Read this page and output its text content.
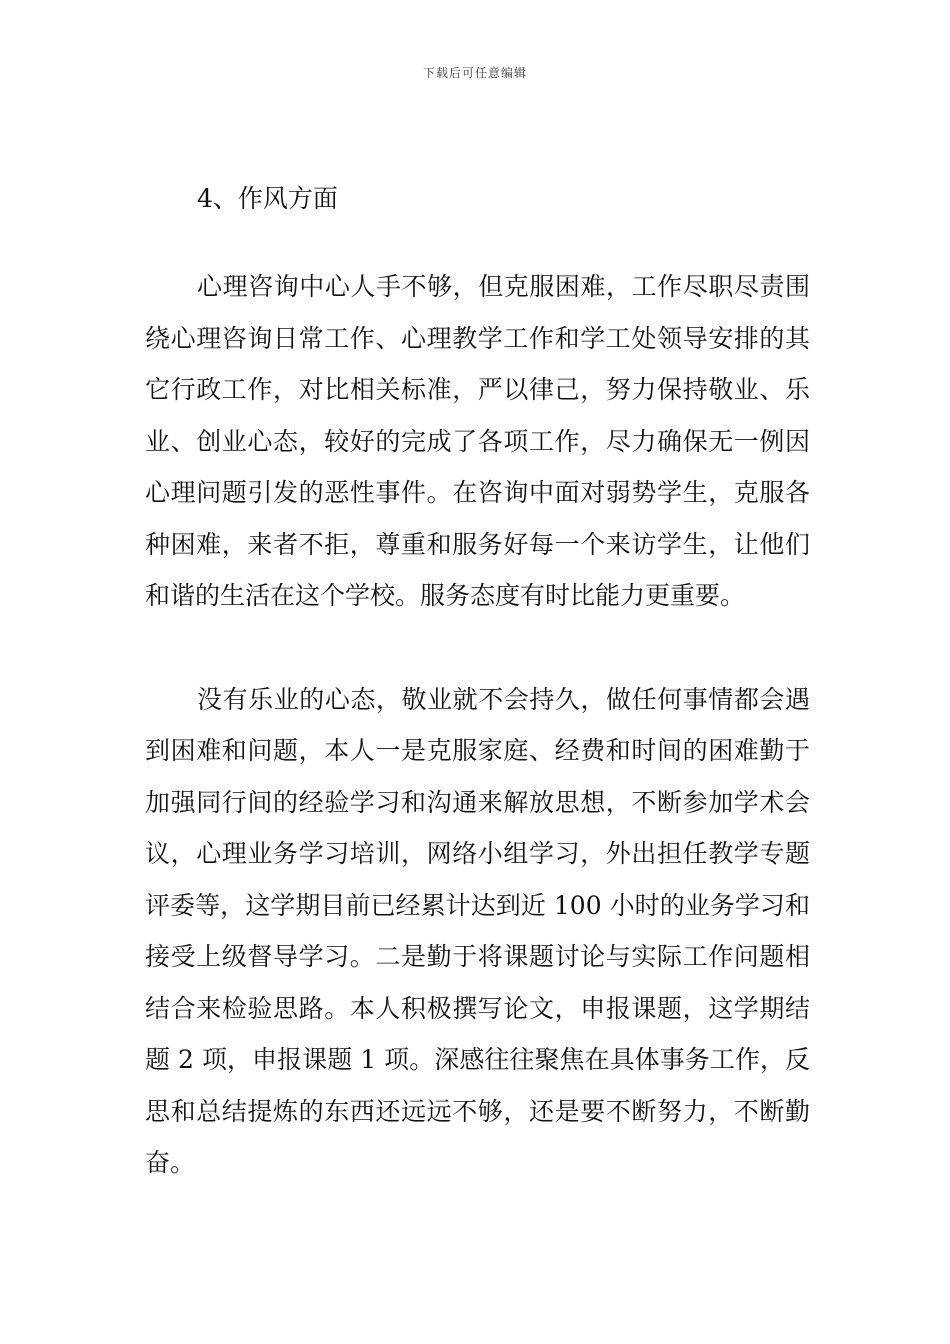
下载后可任意编辑
4、作风方面

心理咨询中心人手不够，但克服困难，工作尽职尽责围绕心理咨询日常工作、心理教学工作和学工处领导安排的其它行政工作，对比相关标准，严以律己，努力保持敬业、乐业、创业心态，较好的完成了各项工作，尽力确保无一例因心理问题引发的恶性事件。在咨询中面对弱势学生，克服各种困难，来者不拒，尊重和服务好每一个来访学生，让他们和谐的生活在这个学校。服务态度有时比能力更重要。

没有乐业的心态，敬业就不会持久，做任何事情都会遇到困难和问题，本人一是克服家庭、经费和时间的困难勤于加强同行间的经验学习和沟通来解放思想，不断参加学术会议，心理业务学习培训，网络小组学习，外出担任教学专题评委等，这学期目前已经累计达到近 100 小时的业务学习和接受上级督导学习。二是勤于将课题讨论与实际工作问题相结合来检验思路。本人积极撰写论文，申报课题，这学期结题 2 项，申报课题 1 项。深感往往聚焦在具体事务工作，反思和总结提炼的东西还远远不够，还是要不断努力，不断勤奋。
